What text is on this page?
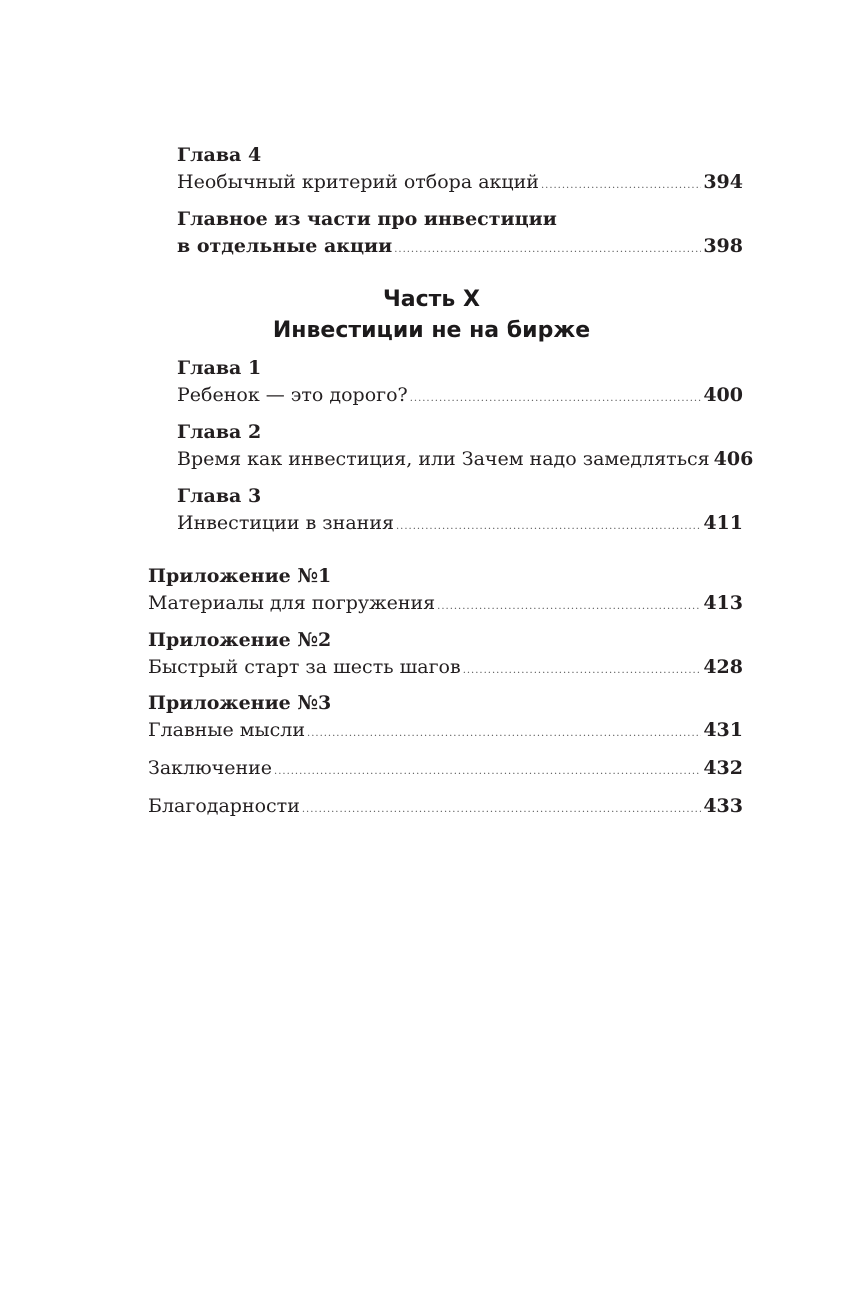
Глава 4
Необычный критерий отбора акций .....	394
Главное из части про инвестиции
в отдельные акции .....	398
Часть X
Инвестиции не на бирже
Глава 1
Ребенок — это дорого? .....	400
Глава 2
Время как инвестиция, или Зачем надо замедляться 406
Глава 3
Инвестиции в знания .....	411
Приложение №1
Материалы для погружения .....	413
Приложение №2
Быстрый старт за шесть шагов .....	428
Приложение №3
Главные мысли .....	431
Заключение .....	432
Благодарности .....	433
